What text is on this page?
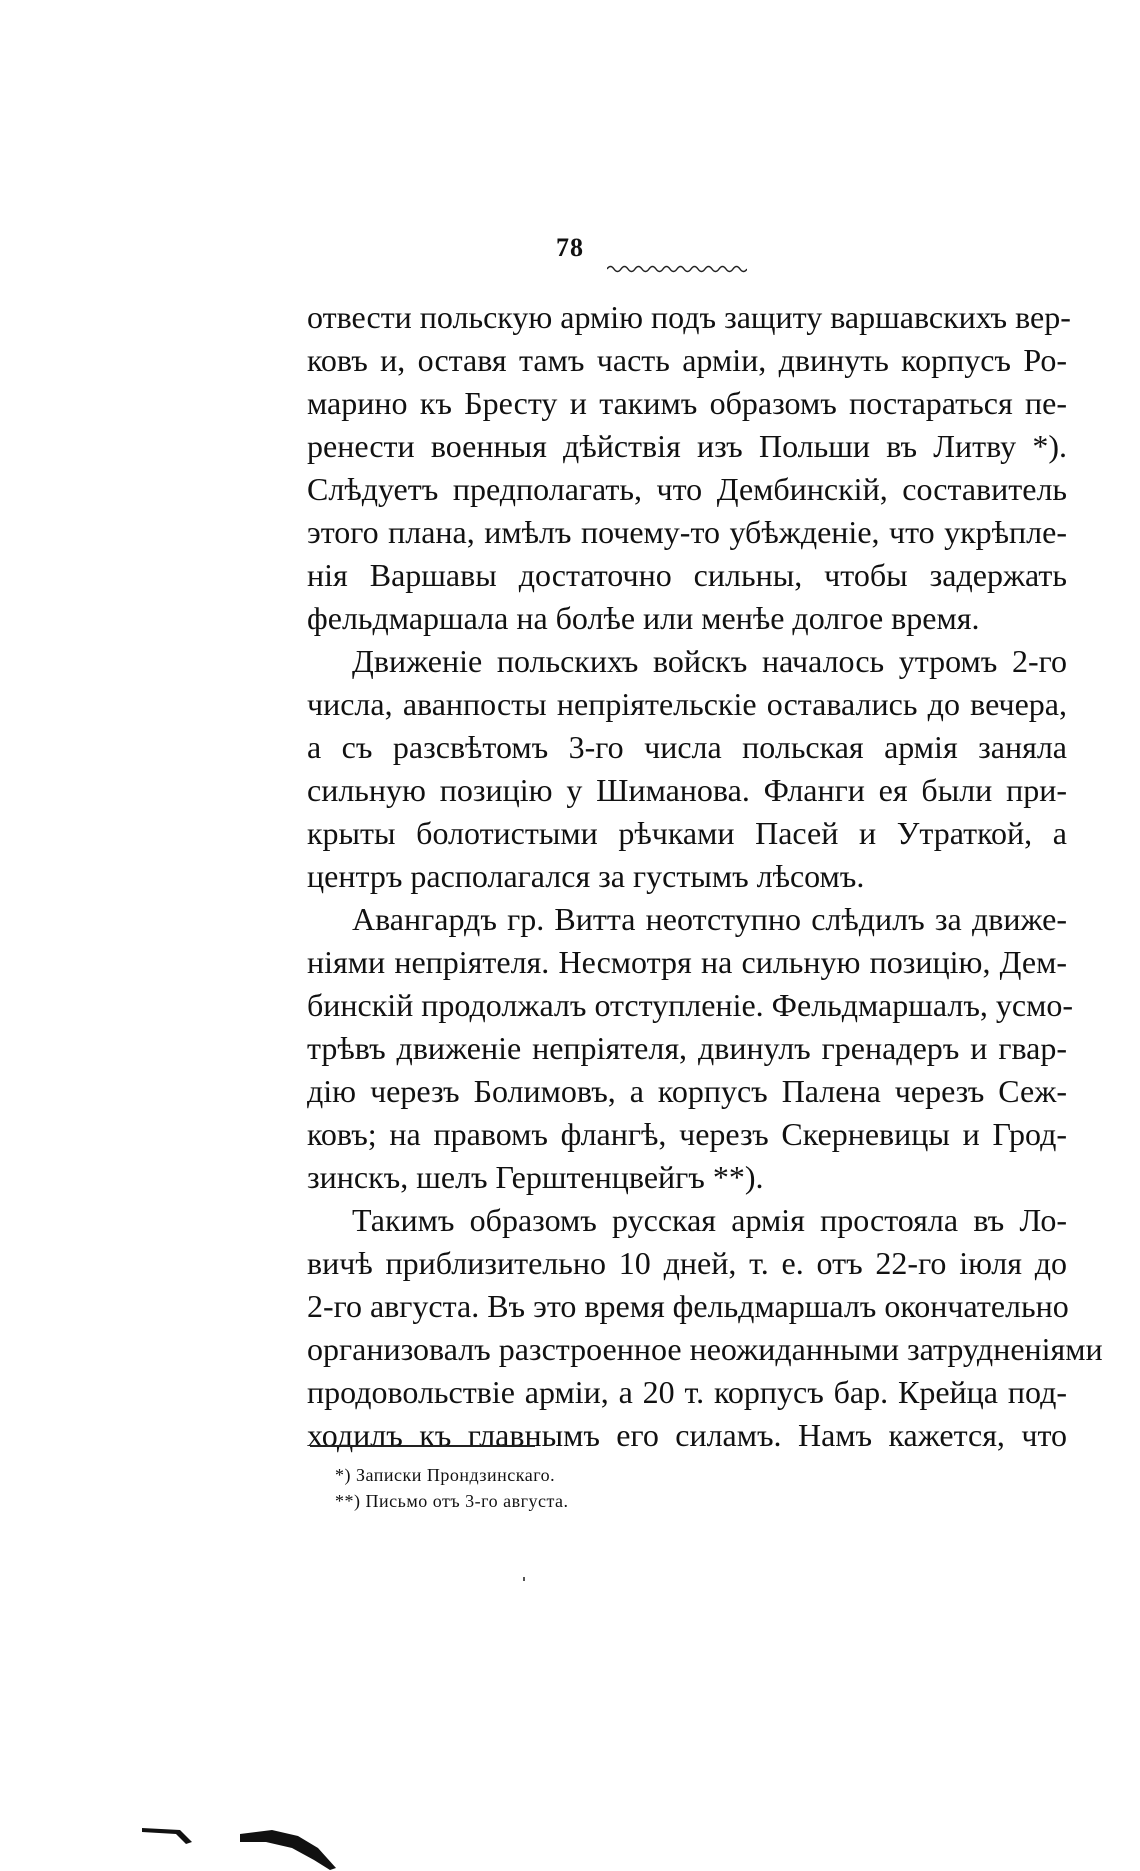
78
отвести польскую армію подъ защиту варшавскихъ вер-
ковъ и, оставя тамъ часть арміи, двинуть корпусъ Ро-
марино къ Бресту и такимъ образомъ постараться пе-
ренести военныя дѣйствія изъ Польши въ Литву *).
Слѣдуетъ предполагать, что Дембинскій, составитель
этого плана, имѣлъ почему-то убѣжденіе, что укрѣпле-
нія Варшавы достаточно сильны, чтобы задержать
фельдмаршала на болѣе или менѣе долгое время.
Движеніе польскихъ войскъ началось утромъ 2-го
числа, аванпосты непріятельскіе оставались до вечера,
а съ разсвѣтомъ 3-го числа польская армія заняла
сильную позицію у Шиманова. Фланги ея были при-
крыты болотистыми рѣчками Пасей и Утраткой, а
центръ располагался за густымъ лѣсомъ.
Авангардъ гр. Витта неотступно слѣдилъ за движе-
ніями непріятеля. Несмотря на сильную позицію, Дем-
бинскій продолжалъ отступленіе. Фельдмаршалъ, усмо-
трѣвъ движеніе непріятеля, двинулъ гренадеръ и гвар-
дію черезъ Болимовъ, а корпусъ Палена черезъ Сеж-
ковъ; на правомъ флангѣ, черезъ Скерневицы и Грод-
зинскъ, шелъ Герштенцвейгъ **).
Такимъ образомъ русская армія простояла въ Ло-
вичѣ приблизительно 10 дней, т. е. отъ 22-го іюля до
2-го августа. Въ это время фельдмаршалъ окончательно
организовалъ разстроенное неожиданными затрудненіями
продовольствіе арміи, а 20 т. корпусъ бар. Крейца под-
ходилъ къ главнымъ его силамъ. Намъ кажется, что
*) Записки Прондзинскаго.
**) Письмо отъ 3-го августа.
